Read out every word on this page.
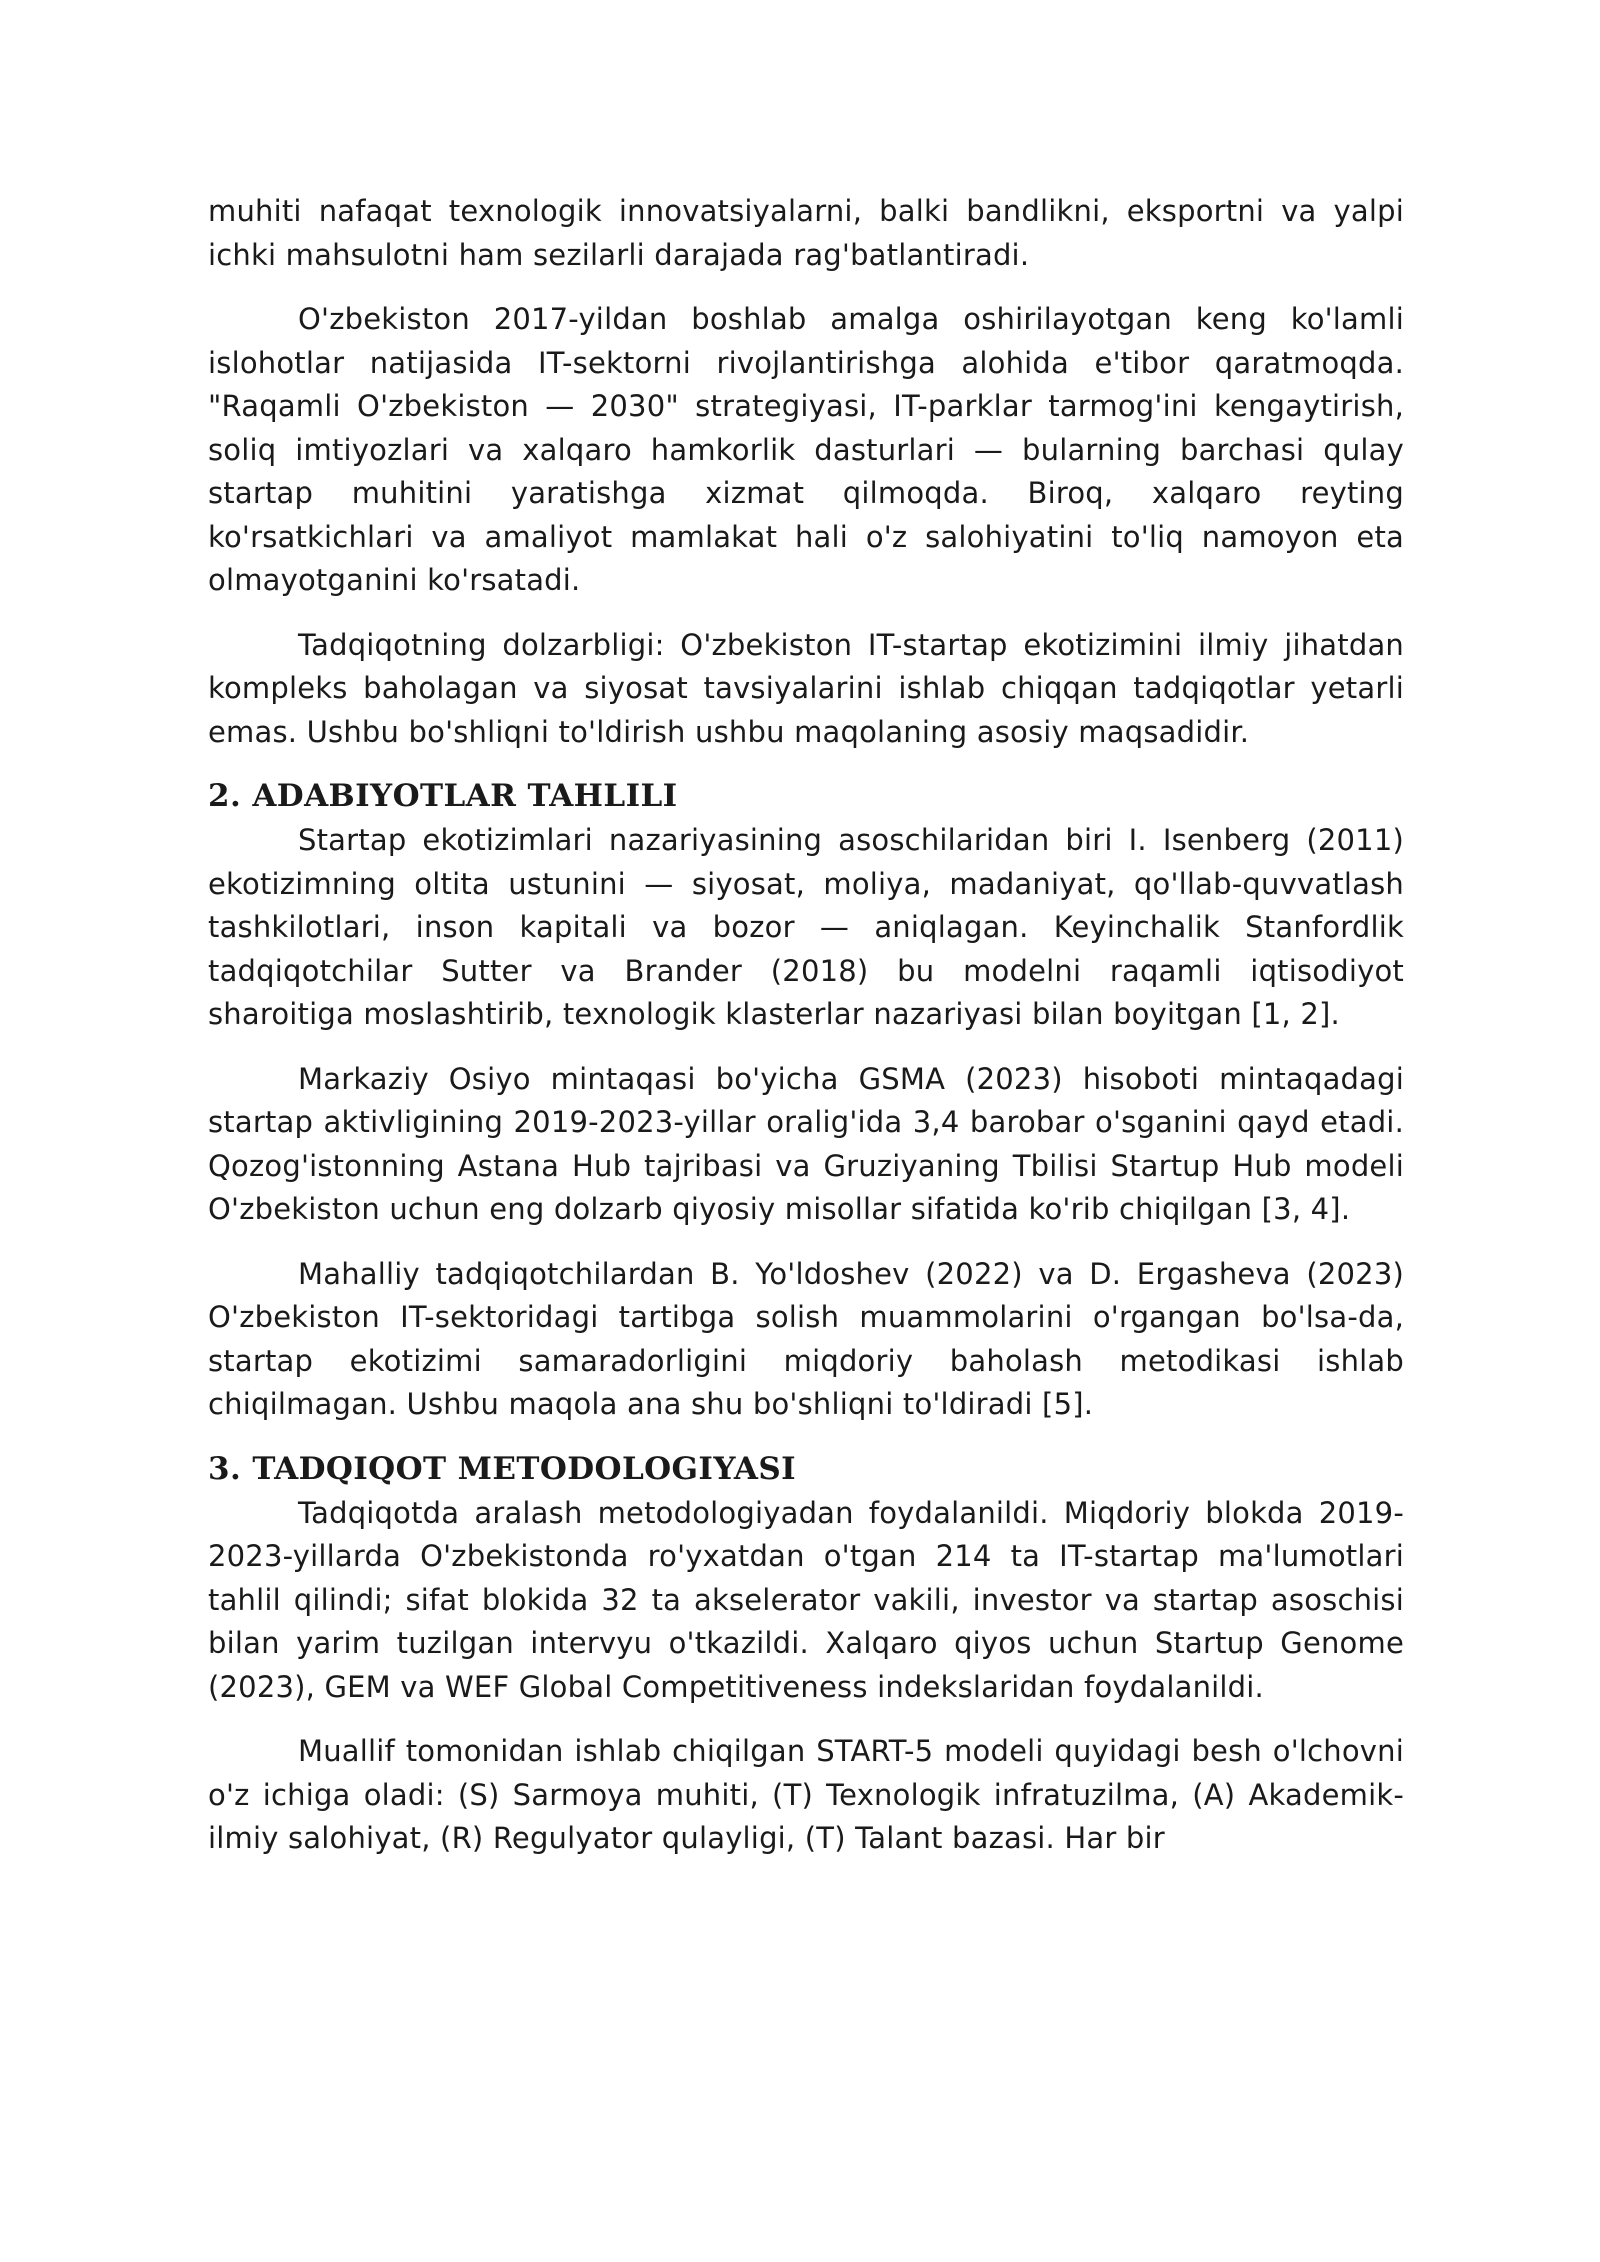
muhiti nafaqat texnologik innovatsiyalarni, balki bandlikni, eksportni va yalpi ichki mahsulotni ham sezilarli darajada rag'batlantiradi.

O'zbekiston 2017-yildan boshlab amalga oshirilayotgan keng ko'lamli islohotlar natijasida IT-sektorni rivojlantirishga alohida e'tibor qaratmoqda. "Raqamli O'zbekiston — 2030" strategiyasi, IT-parklar tarmog'ini kengaytirish, soliq imtiyozlari va xalqaro hamkorlik dasturlari — bularning barchasi qulay startap muhitini yaratishga xizmat qilmoqda. Biroq, xalqaro reyting ko'rsatkichlari va amaliyot mamlakat hali o'z salohiyatini to'liq namoyon eta olmayotganini ko'rsatadi.

Tadqiqotning dolzarbligi: O'zbekiston IT-startap ekotizimini ilmiy jihatdan kompleks baholagan va siyosat tavsiyalarini ishlab chiqqan tadqiqotlar yetarli emas. Ushbu bo'shliqni to'ldirish ushbu maqolaning asosiy maqsadidir.

2. ADABIYOTLAR TAHLILI

Startap ekotizimlari nazariyasining asoschilaridan biri I. Isenberg (2011) ekotizimning oltita ustunini — siyosat, moliya, madaniyat, qo'llab-quvvatlash tashkilotlari, inson kapitali va bozor — aniqlagan. Keyinchalik Stanfordlik tadqiqotchilar Sutter va Brander (2018) bu modelni raqamli iqtisodiyot sharoitiga moslashtirib, texnologik klasterlar nazariyasi bilan boyitgan [1, 2].

Markaziy Osiyo mintaqasi bo'yicha GSMA (2023) hisoboti mintaqadagi startap aktivligining 2019-2023-yillar oralig'ida 3,4 barobar o'sganini qayd etadi. Qozog'istonning Astana Hub tajribasi va Gruziyaning Tbilisi Startup Hub modeli O'zbekiston uchun eng dolzarb qiyosiy misollar sifatida ko'rib chiqilgan [3, 4].

Mahalliy tadqiqotchilardan B. Yo'ldoshev (2022) va D. Ergasheva (2023) O'zbekiston IT-sektoridagi tartibga solish muammolarini o'rgangan bo'lsa-da, startap ekotizimi samaradorligini miqdoriy baholash metodikasi ishlab chiqilmagan. Ushbu maqola ana shu bo'shliqni to'ldiradi [5].

3. TADQIQOT METODOLOGIYASI

Tadqiqotda aralash metodologiyadan foydalanildi. Miqdoriy blokda 2019-2023-yillarda O'zbekistonda ro'yxatdan o'tgan 214 ta IT-startap ma'lumotlari tahlil qilindi; sifat blokida 32 ta akselerator vakili, investor va startap asoschisi bilan yarim tuzilgan intervyu o'tkazildi. Xalqaro qiyos uchun Startup Genome (2023), GEM va WEF Global Competitiveness indekslaridan foydalanildi.

Muallif tomonidan ishlab chiqilgan START-5 modeli quyidagi besh o'lchovni o'z ichiga oladi: (S) Sarmoya muhiti, (T) Texnologik infratuzilma, (A) Akademik-ilmiy salohiyat, (R) Regulyator qulayligi, (T) Talant bazasi. Har bir
